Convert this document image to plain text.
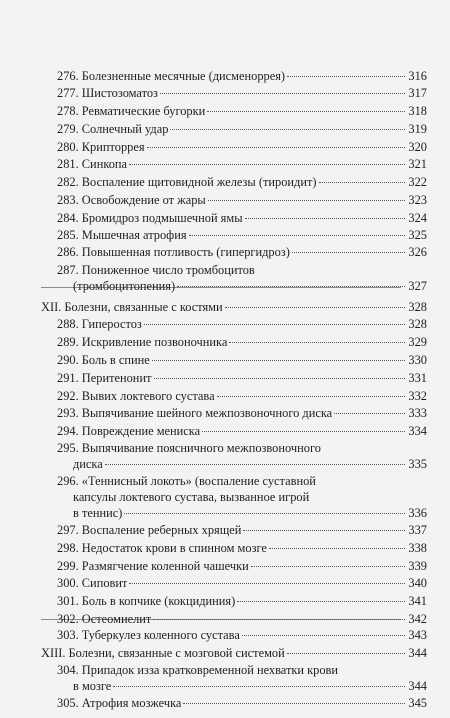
276. Болезненные месячные (дисменоррея)	316
277. Шистозоматоз	317
278. Ревматические бугорки	318
279. Солнечный удар	319
280. Криптоppея	320
281. Синкопа	321
282. Воспаление щитовидной железы (тироидит)	322
283. Освобождение от жары	323
284. Бромидроз подмышечной ямы	324
285. Мышечная атрофия	325
286. Повышенная потливость (гипергидроз)	326
287. Пониженное число тромбоцитов
(тромбоцитопения)	327
XII. Болезни, связанные с костями	328
288. Гиперостоз	328
289. Искривление позвоночника	329
290. Боль в спине	330
291. Перитенонит	331
292. Вывих локтевого сустава	332
293. Выпячивание шейного межпозвоночного диска	333
294. Повреждение мениска	334
295. Выпячивание поясничного межпозвоночного
диска	335
296. «Теннисный локоть» (воспаление суставной
капсулы локтевого сустава, вызванное игрой
в теннис)	336
297. Воспаление реберных хрящей	337
298. Недостаток крови в спинном мозге	338
299. Размягчение коленной чашечки	339
300. Сиповит	340
301. Боль в копчике (кокцидиния)	341
302. Остеомиелит	342
303. Туберкулез коленного сустава	343
XIII. Болезни, связанные с мозговой системой	344
304. Припадок изза кратковременной нехватки крови
в мозге	344
305. Атрофия мозжечка	345
